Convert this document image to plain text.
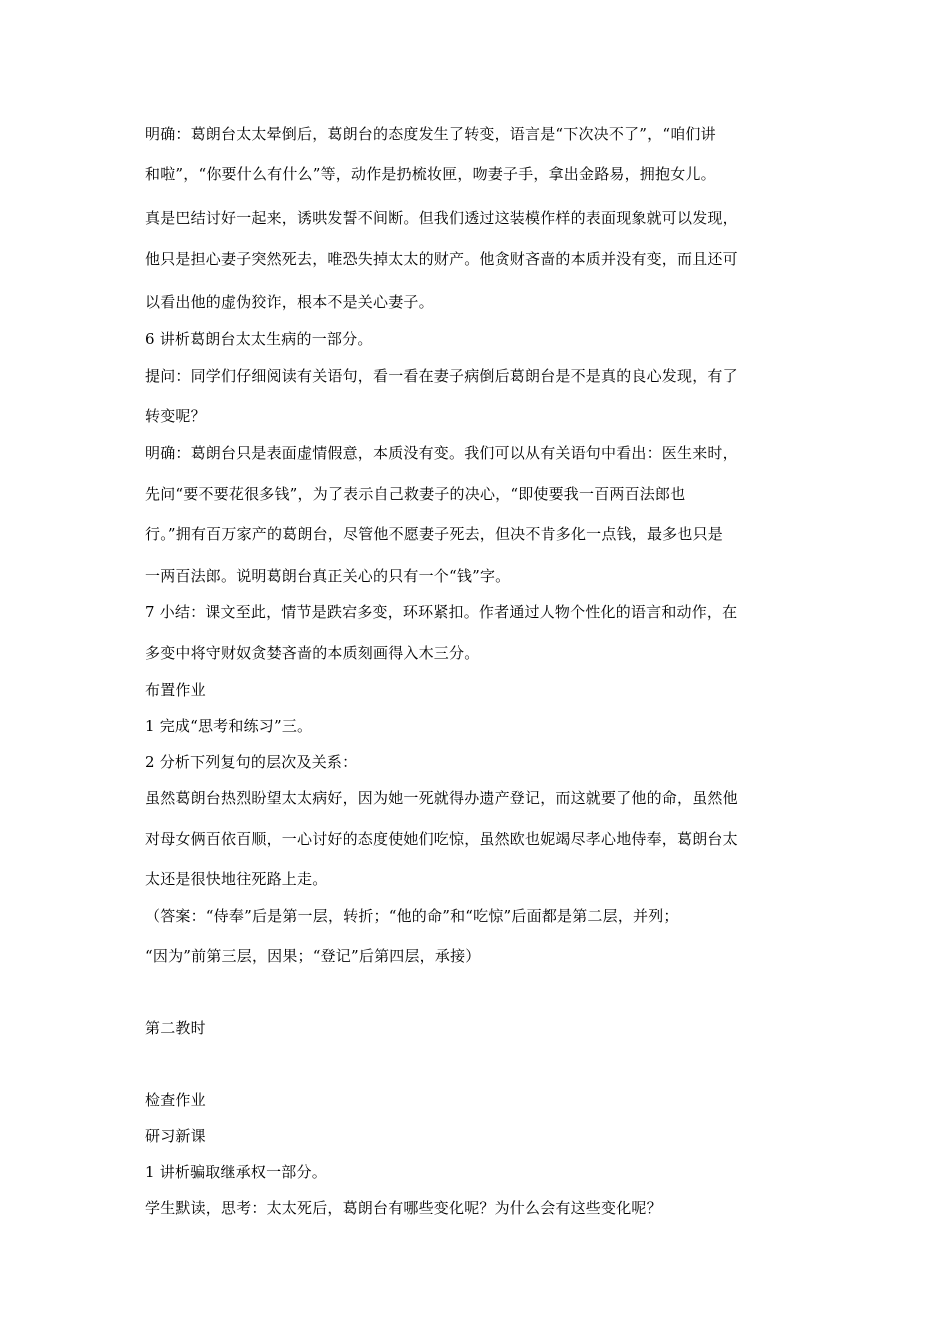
明确：葛朗台太太晕倒后，葛朗台的态度发生了转变，语言是“下次决不了”，“咱们讲
和啦”，“你要什么有什么”等，动作是扔梳妆匣，吻妻子手，拿出金路易，拥抱女儿。
真是巴结讨好一起来，诱哄发誓不间断。但我们透过这装模作样的表面现象就可以发现，
他只是担心妻子突然死去，唯恐失掉太太的财产。他贪财吝啬的本质并没有变，而且还可
以看出他的虚伪狡诈，根本不是关心妻子。
6 讲析葛朗台太太生病的一部分。
提问：同学们仔细阅读有关语句，看一看在妻子病倒后葛朗台是不是真的良心发现，有了
转变呢？
明确：葛朗台只是表面虚情假意，本质没有变。我们可以从有关语句中看出：医生来时，
先问“要不要花很多钱”，为了表示自己救妻子的决心，“即使要我一百两百法郎也
行。”拥有百万家产的葛朗台，尽管他不愿妻子死去，但决不肯多化一点钱，最多也只是
一两百法郎。说明葛朗台真正关心的只有一个“钱”字。
7 小结：课文至此，情节是跌宕多变，环环紧扣。作者通过人物个性化的语言和动作，在
多变中将守财奴贪婪吝啬的本质刻画得入木三分。
布置作业
1 完成“思考和练习”三。
2 分析下列复句的层次及关系：
虽然葛朗台热烈盼望太太病好，因为她一死就得办遗产登记，而这就要了他的命，虽然他
对母女俩百依百顺，一心讨好的态度使她们吃惊，虽然欧也妮竭尽孝心地侍奉，葛朗台太
太还是很快地往死路上走。
（答案：“侍奉”后是第一层，转折；“他的命”和“吃惊”后面都是第二层，并列；
“因为”前第三层，因果；“登记”后第四层，承接）
第二教时
检查作业
研习新课
1 讲析骗取继承权一部分。
学生默读，思考：太太死后，葛朗台有哪些变化呢？为什么会有这些变化呢？
